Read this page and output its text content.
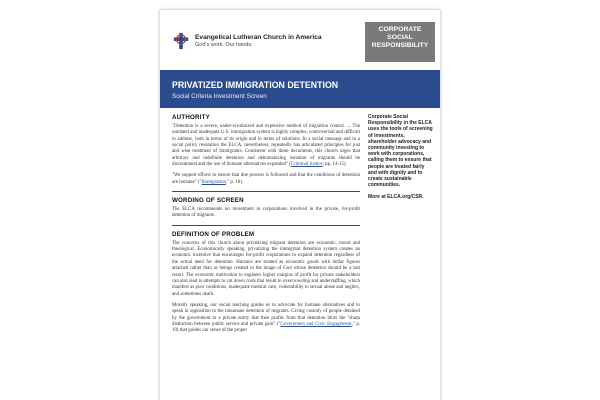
Evangelical Lutheran Church in America
God's work. Our hands.
CORPORATE
SOCIAL
RESPONSIBILITY
PRIVATIZED IMMIGRATION DETENTION
Social Criteria Investment Screen
AUTHORITY

"Detention is a severe, under-scrutinized and expensive method of migration control. ... The outdated and inadequate U.S. immigration system is highly complex, controversial and difficult to address, both in terms of its origin and in terms of solutions. In a social message and in a social policy resolution the ELCA, nevertheless, repeatedly has articulated principles for just and wise treatment of immigrants. Consistent with these documents, this church urges that arbitrary and indefinite detention and dehumanizing isolation of migrants should be discontinued and the use of humane alternatives expanded" (Criminal Justice, pp. 14-15).

"We support efforts to ensure that due process is followed and that the conditions of detention are humane" ("Immigration," p. 10).

WORDING OF SCREEN

The ELCA recommends no investment in corporations involved in the private, for-profit detention of migrants.

DEFINITION OF PROBLEM

The concerns of this church about privatizing migrant detention are economic, moral and theological. Economically speaking, privatizing the immigrant detention system creates an economic incentive that encourages for-profit corporations to expand detention regardless of the actual need for detention. Humans are treated as economic goods with dollar figures attached rather than as beings created in the image of God whose detention should be a last resort. The economic motivation to engineer higher margins of profit for private stakeholders can also lead to attempts to cut down costs that result in overcrowding and understaffing, which manifest as poor conditions, inadequate medical care, vulnerability to sexual abuse and neglect, and sometimes death.

Morally speaking, our social teaching guides us to advocate for humane alternatives and to speak in opposition to the inhumane detention of migrants. Giving custody of people detained by the government to a private entity that then profits from that detention blurs the "sharp distinction between public service and private gain" ("Government and Civic Engagement," p. 10) that guides our sense of the proper

Corporate Social Responsibility in the ELCA uses the tools of screening of investments, shareholder advocacy and community investing to work with corporations, calling them to ensure that people are treated fairly and with dignity and to create sustainable communities.

More at ELCA.org/CSR.
